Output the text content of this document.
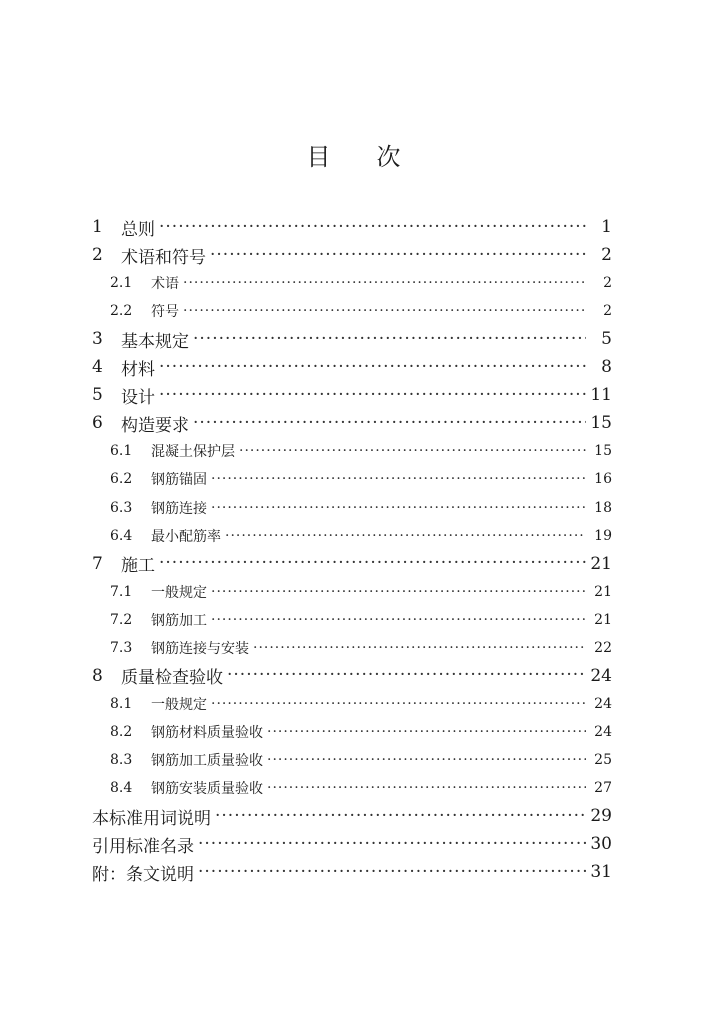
目 次
1	总则 ·····	1
2	术语和符号 ·····	2
2.1	术语 ·····	2
2.2	符号 ·····	2
3	基本规定 ·····	5
4	材料 ·····	8
5	设计 ·····	11
6	构造要求 ·····	15
6.1	混凝土保护层 ·····	15
6.2	钢筋锚固 ·····	16
6.3	钢筋连接 ·····	18
6.4	最小配筋率 ·····	19
7	施工 ·····	21
7.1	一般规定 ·····	21
7.2	钢筋加工 ·····	21
7.3	钢筋连接与安装 ·····	22
8	质量检查验收 ·····	24
8.1	一般规定 ·····	24
8.2	钢筋材料质量验收 ·····	24
8.3	钢筋加工质量验收 ·····	25
8.4	钢筋安装质量验收 ·····	27
本标准用词说明 ·····	29
引用标准名录 ·····	30
附：条文说明 ·····	31
